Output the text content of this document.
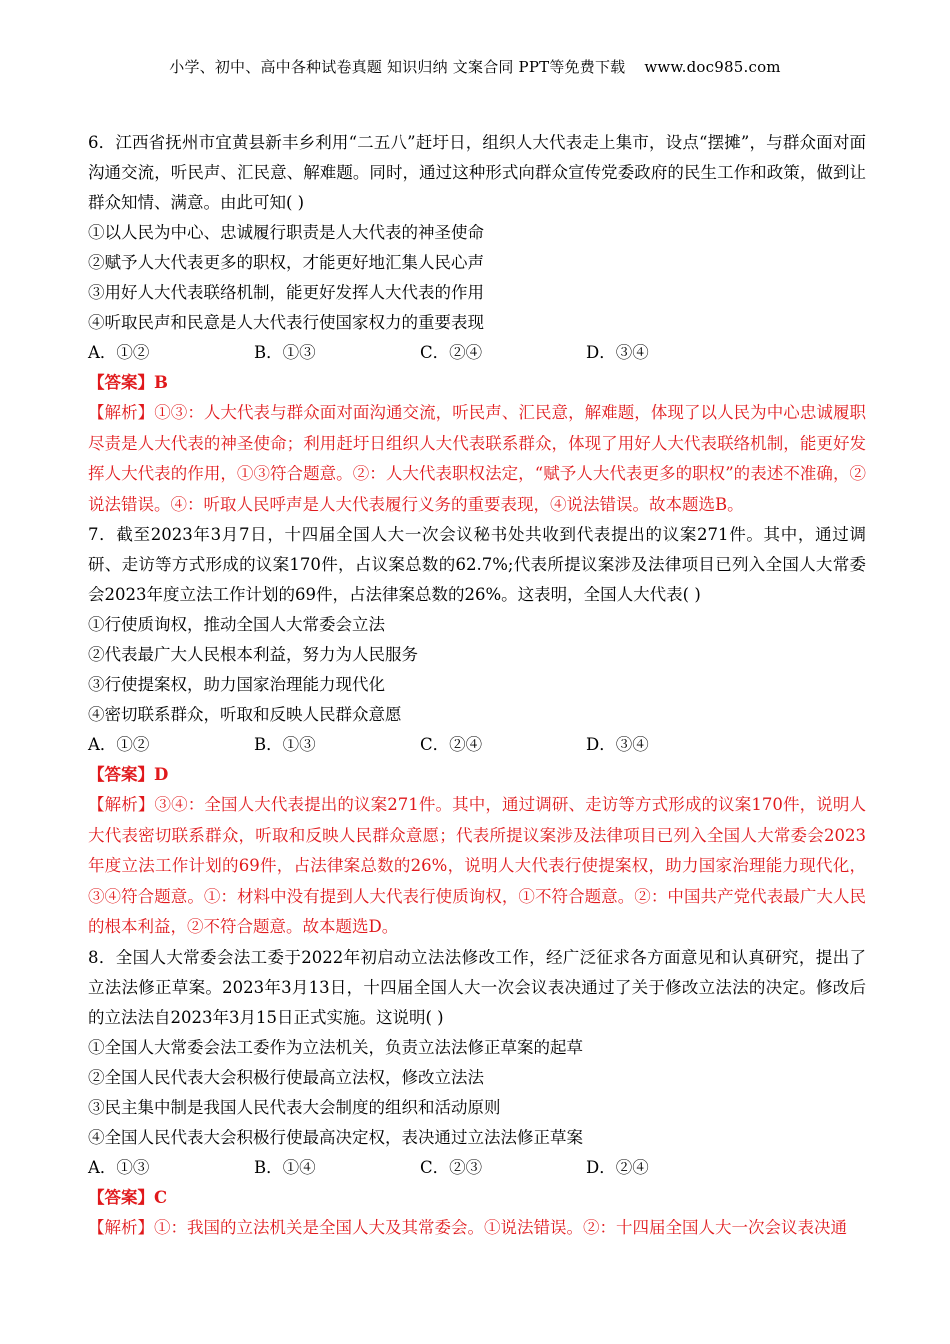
小学、初中、高中各种试卷真题 知识归纳 文案合同 PPT等免费下载 www.doc985.com
6．江西省抚州市宜黄县新丰乡利用“二五八”赶圩日，组织人大代表走上集市，设点“摆摊”，与群众面对面沟通交流，听民声、汇民意、解难题。同时，通过这种形式向群众宣传党委政府的民生工作和政策，做到让群众知情、满意。由此可知( )
①以人民为中心、忠诚履行职责是人大代表的神圣使命
②赋予人大代表更多的职权，才能更好地汇集人民心声
③用好人大代表联络机制，能更好发挥人大代表的作用
④听取民声和民意是人大代表行使国家权力的重要表现
A．①②	B．①③	C．②④	D．③④
【答案】B
【解析】①③：人大代表与群众面对面沟通交流，听民声、汇民意，解难题，体现了以人民为中心忠诚履职尽责是人大代表的神圣使命；利用赶圩日组织人大代表联系群众，体现了用好人大代表联络机制，能更好发挥人大代表的作用，①③符合题意。②：人大代表职权法定，“赋予人大代表更多的职权”的表述不准确，②说法错误。④：听取人民呼声是人大代表履行义务的重要表现，④说法错误。故本题选B。
7．截至2023年3月7日，十四届全国人大一次会议秘书处共收到代表提出的议案271件。其中，通过调研、走访等方式形成的议案170件，占议案总数的62.7%;代表所提议案涉及法律项目已列入全国人大常委会2023年度立法工作计划的69件，占法律案总数的26%。这表明，全国人大代表( )
①行使质询权，推动全国人大常委会立法
②代表最广大人民根本利益，努力为人民服务
③行使提案权，助力国家治理能力现代化
④密切联系群众，听取和反映人民群众意愿
A．①②	B．①③	C．②④	D．③④
【答案】D
【解析】③④：全国人大代表提出的议案271件。其中，通过调研、走访等方式形成的议案170件，说明人大代表密切联系群众，听取和反映人民群众意愿；代表所提议案涉及法律项目已列入全国人大常委会2023年度立法工作计划的69件，占法律案总数的26%，说明人大代表行使提案权，助力国家治理能力现代化，③④符合题意。①：材料中没有提到人大代表行使质询权，①不符合题意。②：中国共产党代表最广大人民的根本利益，②不符合题意。故本题选D。
8．全国人大常委会法工委于2022年初启动立法法修改工作，经广泛征求各方面意见和认真研究，提出了立法法修正草案。2023年3月13日，十四届全国人大一次会议表决通过了关于修改立法法的决定。修改后的立法法自2023年3月15日正式实施。这说明( )
①全国人大常委会法工委作为立法机关，负责立法法修正草案的起草
②全国人民代表大会积极行使最高立法权，修改立法法
③民主集中制是我国人民代表大会制度的组织和活动原则
④全国人民代表大会积极行使最高决定权，表决通过立法法修正草案
A．①③	B．①④	C．②③	D．②④
【答案】C
【解析】①：我国的立法机关是全国人大及其常委会。①说法错误。②：十四届全国人大一次会议表决通
